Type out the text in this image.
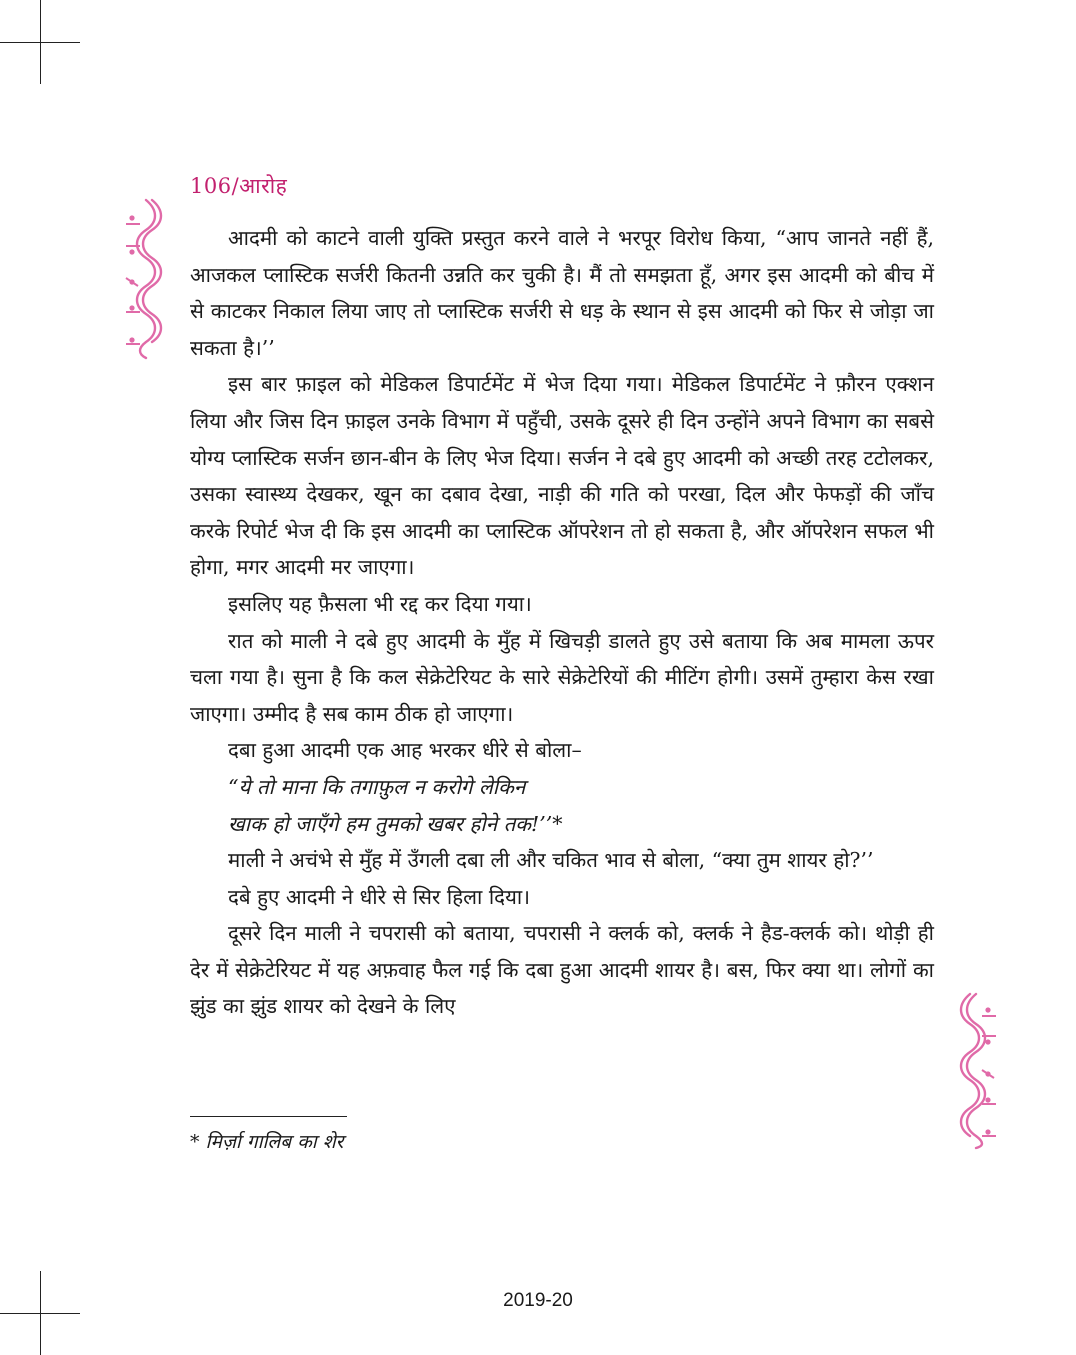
106/आरोह

आदमी को काटने वाली युक्ति प्रस्तुत करने वाले ने भरपूर विरोध किया, “आप जानते नहीं हैं, आजकल प्लास्टिक सर्जरी कितनी उन्नति कर चुकी है। मैं तो समझता हूँ, अगर इस आदमी को बीच में से काटकर निकाल लिया जाए तो प्लास्टिक सर्जरी से धड़ के स्थान से इस आदमी को फिर से जोड़ा जा सकता है।’’

इस बार फ़ाइल को मेडिकल डिपार्टमेंट में भेज दिया गया। मेडिकल डिपार्टमेंट ने फ़ौरन एक्शन लिया और जिस दिन फ़ाइल उनके विभाग में पहुँची, उसके दूसरे ही दिन उन्होंने अपने विभाग का सबसे योग्य प्लास्टिक सर्जन छान-बीन के लिए भेज दिया। सर्जन ने दबे हुए आदमी को अच्छी तरह टटोलकर, उसका स्वास्थ्य देखकर, खून का दबाव देखा, नाड़ी की गति को परखा, दिल और फेफड़ों की जाँच करके रिपोर्ट भेज दी कि इस आदमी का प्लास्टिक ऑपरेशन तो हो सकता है, और ऑपरेशन सफल भी होगा, मगर आदमी मर जाएगा।

इसलिए यह फ़ैसला भी रद्द कर दिया गया।

रात को माली ने दबे हुए आदमी के मुँह में खिचड़ी डालते हुए उसे बताया कि अब मामला ऊपर चला गया है। सुना है कि कल सेक्रेटेरियट के सारे सेक्रेटेरियों की मीटिंग होगी। उसमें तुम्हारा केस रखा जाएगा। उम्मीद है सब काम ठीक हो जाएगा।

दबा हुआ आदमी एक आह भरकर धीरे से बोला–

“ये तो माना कि तगाफ़ुल न करोगे लेकिन

खाक हो जाएँगे हम तुमको खबर होने तक!’’*

माली ने अचंभे से मुँह में उँगली दबा ली और चकित भाव से बोला, “क्या तुम शायर हो?’’

दबे हुए आदमी ने धीरे से सिर हिला दिया।

दूसरे दिन माली ने चपरासी को बताया, चपरासी ने क्लर्क को, क्लर्क ने हैड-क्लर्क को। थोड़ी ही देर में सेक्रेटेरियट में यह अफ़वाह फैल गई कि दबा हुआ आदमी शायर है। बस, फिर क्या था। लोगों का झुंड का झुंड शायर को देखने के लिए

* मिर्ज़ा गालिब का शेर
2019-20
